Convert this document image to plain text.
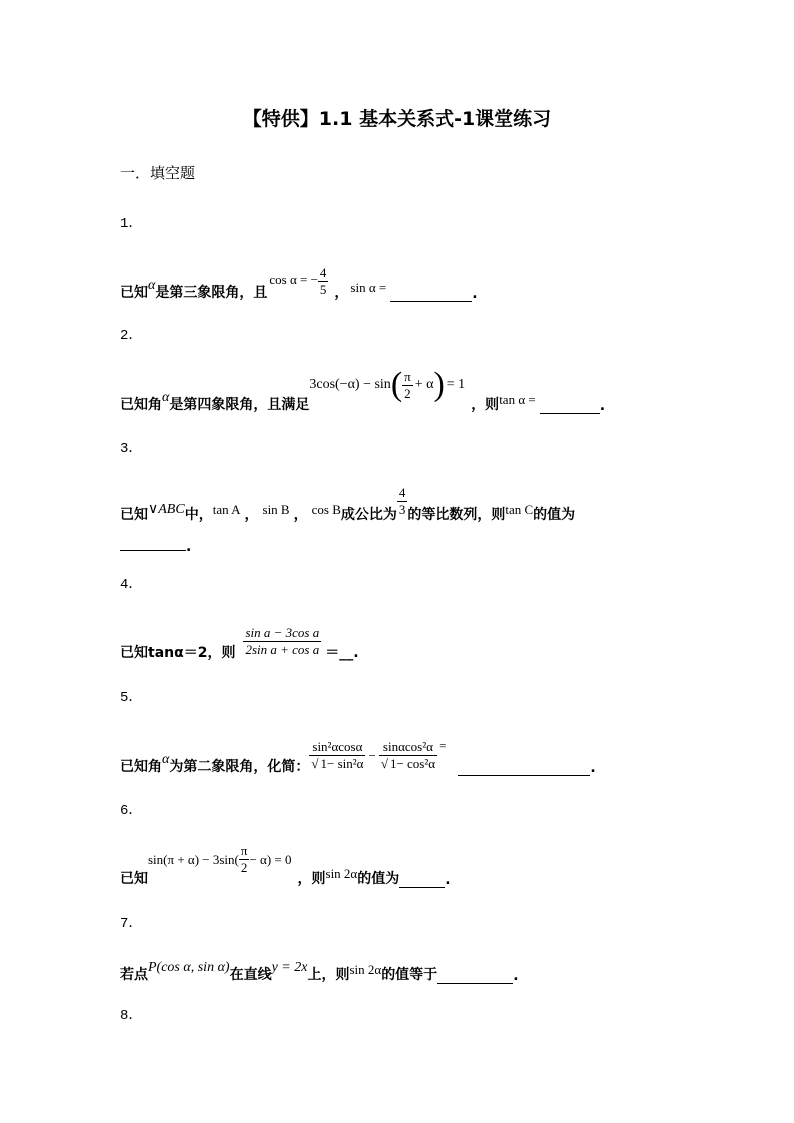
【特供】1.1 基本关系式-1课堂练习
一．填空题
1．
已知 α 是第三象限角，且
cos α = − $\frac{4}{5}$ ， sin α =	.
2．
已知角 α 是第四象限角，且满足
3cos(−α) − sin ( $\frac{\pi}{2} + \alpha$ ) = 1
，则 tan α =	.
3．
已知 ∨ABC 中， tan A ， sin B ， cos B 成公比为 $\frac{4}{3}$ 的等比数列，则 tan C 的值为
.
4．
已知tanα＝2，则 $\frac{\text{sin a − 3cos a}}{\text{2sin a + cos a}}$ ＝__.
5．
已知角 α 为第二象限角，化简： $\frac{\text{sin²αcosα}}{\text{√ 1− sin²α}} - \frac{\text{sinαcos²α}}{\text{√ 1− cos²α}}$ =
.
6．
已知
$\sin(\pi + \alpha) - 3\sin( \frac{\pi}{2} - \alpha) = 0$
，则 sin 2α 的值为	.
7．
若点 P(cos α, sin α) 在直线 y = 2x 上，则 sin 2α 的值等于	.
8．
